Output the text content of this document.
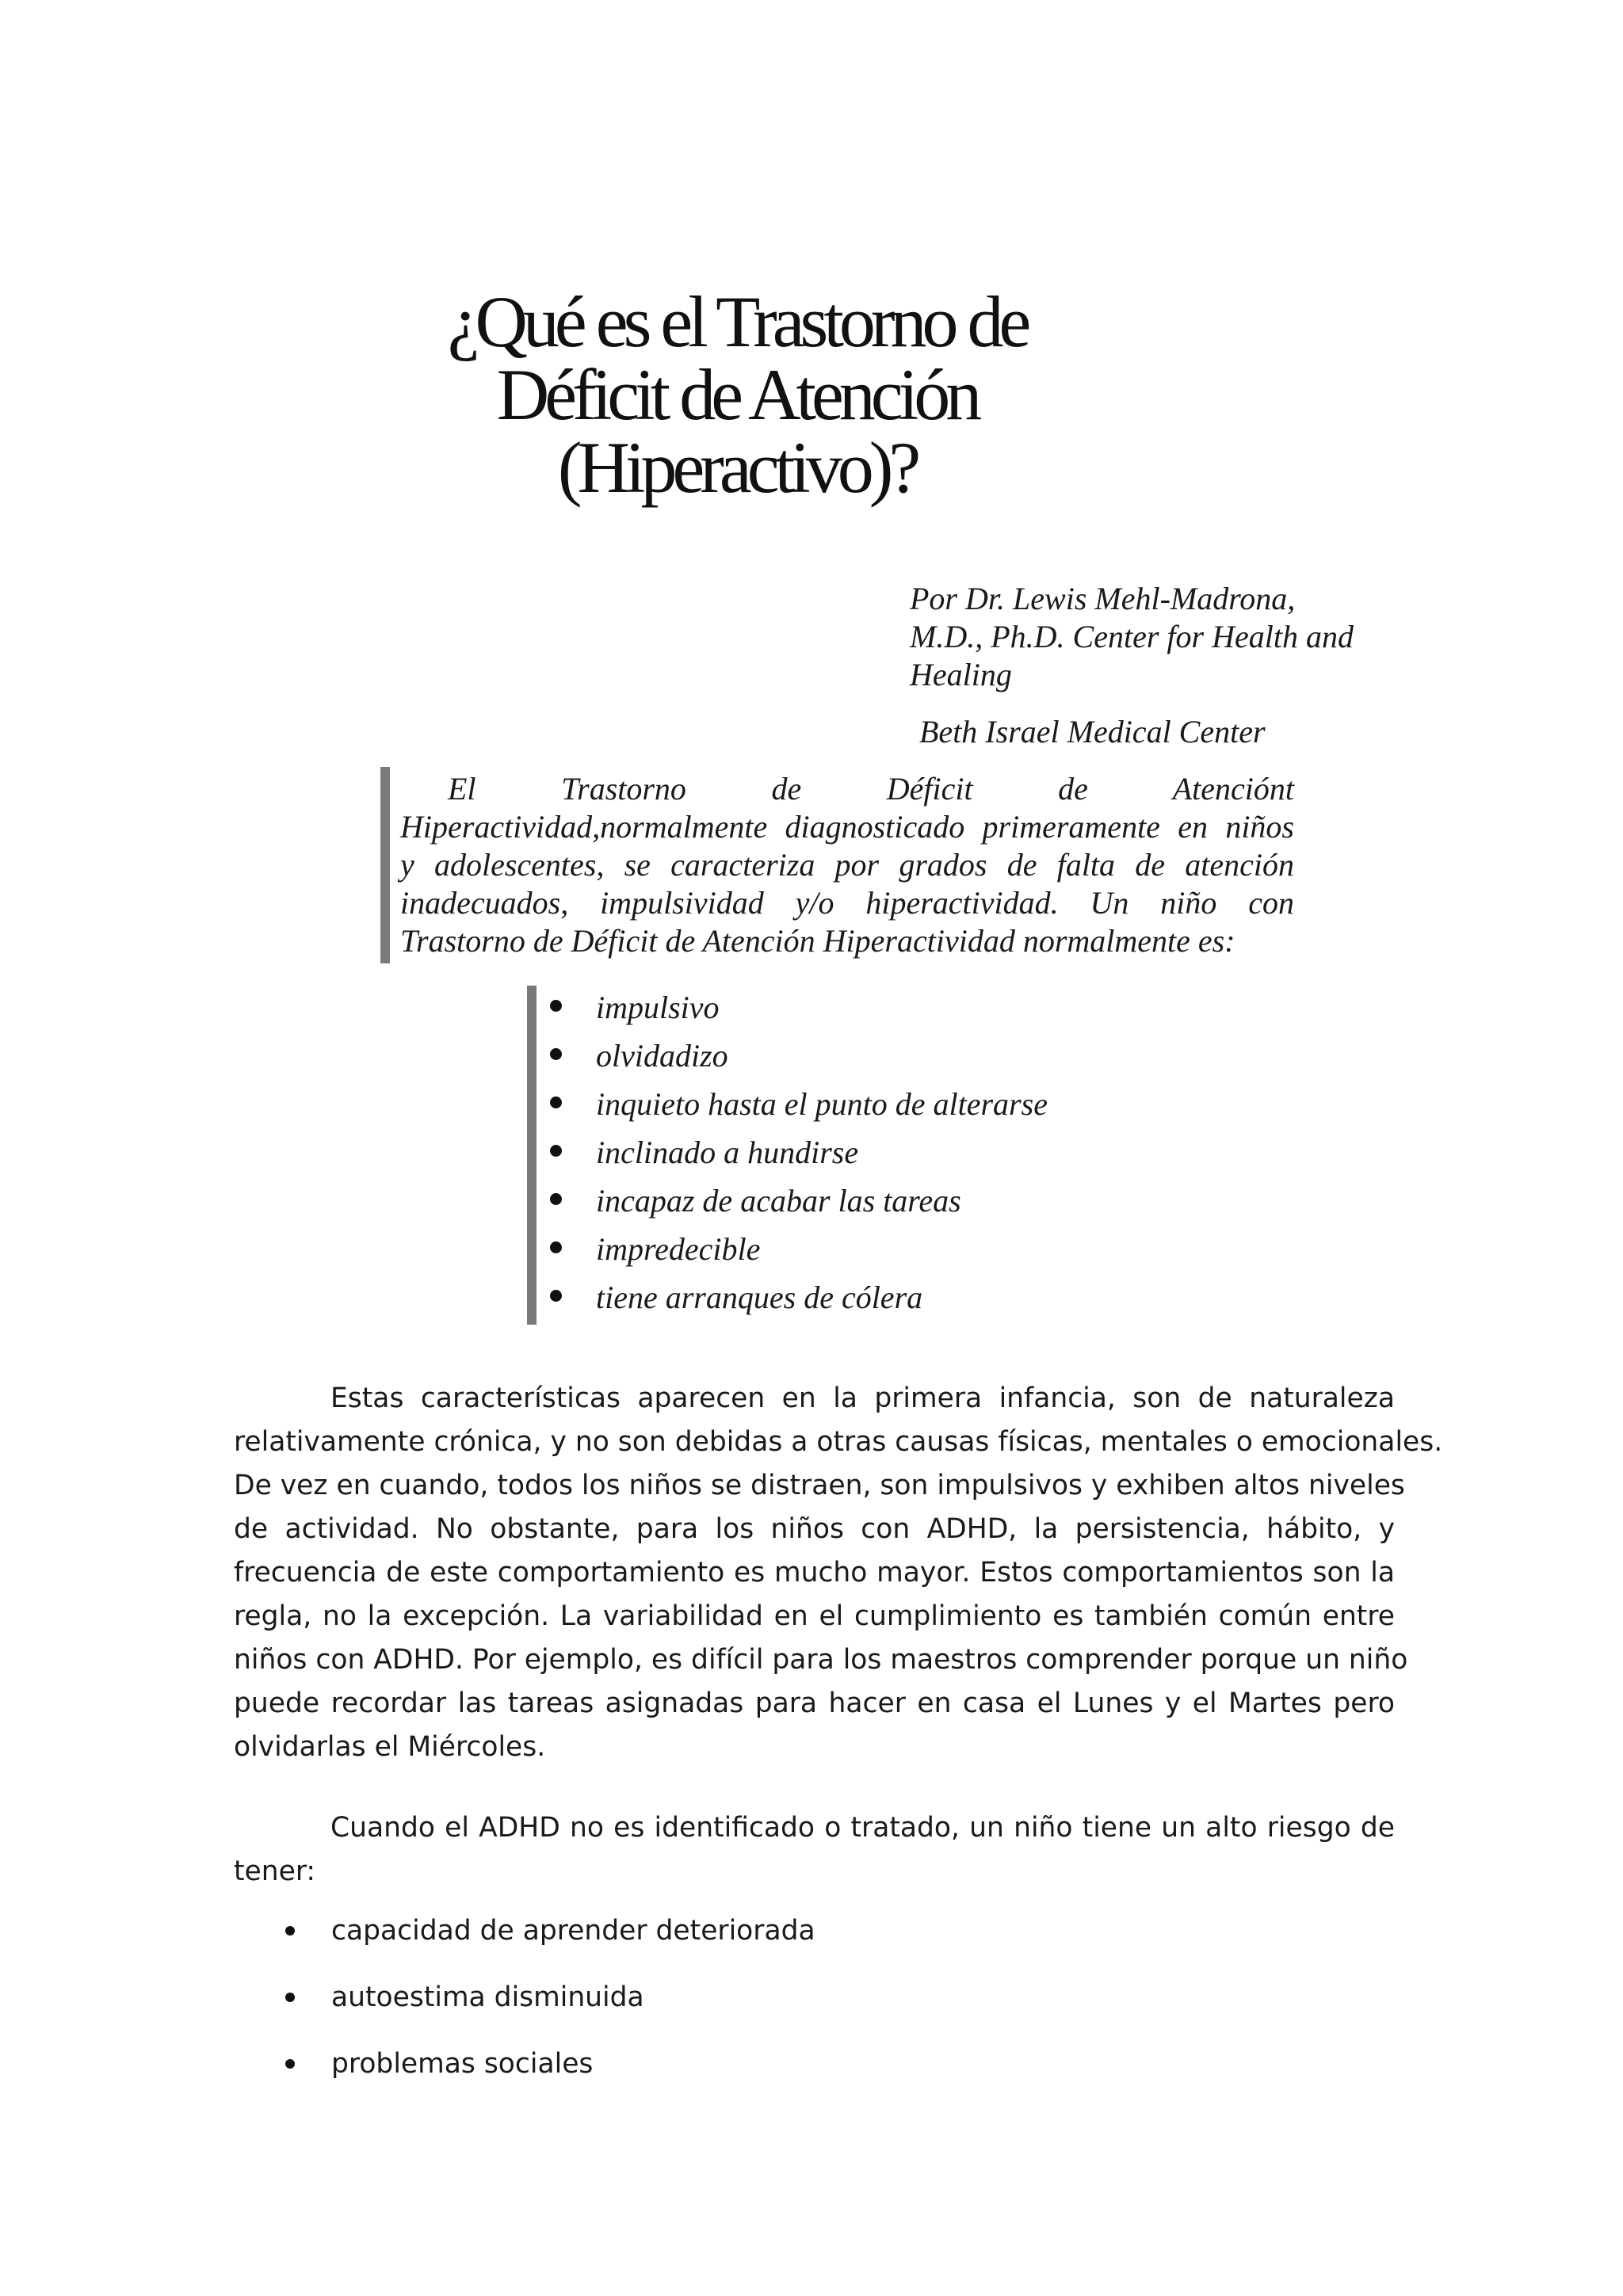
¿Qué es el Trastorno de
Déficit de Atención
(Hiperactivo)?
Por Dr. Lewis Mehl-Madrona,
M.D., Ph.D. Center for Health and
Healing
Beth Israel Medical Center
El Trastorno de Déficit de Atenciónt
Hiperactividad,normalmente diagnosticado primeramente en niños
y adolescentes, se caracteriza por grados de falta de atención
inadecuados, impulsividad y/o hiperactividad. Un niño con
Trastorno de Déficit de Atención Hiperactividad normalmente es:
impulsivo
olvidadizo
inquieto hasta el punto de alterarse
inclinado a hundirse
incapaz de acabar las tareas
impredecible
tiene arranques de cólera
Estas características aparecen en la primera infancia, son de naturaleza
relativamente crónica, y no son debidas a otras causas físicas, mentales o emocionales.
De vez en cuando, todos los niños se distraen, son impulsivos y exhiben altos niveles
de actividad. No obstante, para los niños con ADHD, la persistencia, hábito, y
frecuencia de este comportamiento es mucho mayor. Estos comportamientos son la
regla, no la excepción. La variabilidad en el cumplimiento es también común entre
niños con ADHD. Por ejemplo, es difícil para los maestros comprender porque un niño
puede recordar las tareas asignadas para hacer en casa el Lunes y el Martes pero
olvidarlas el Miércoles.
Cuando el ADHD no es identificado o tratado, un niño tiene un alto riesgo de
tener:
capacidad de aprender deteriorada
autoestima disminuida
problemas sociales
